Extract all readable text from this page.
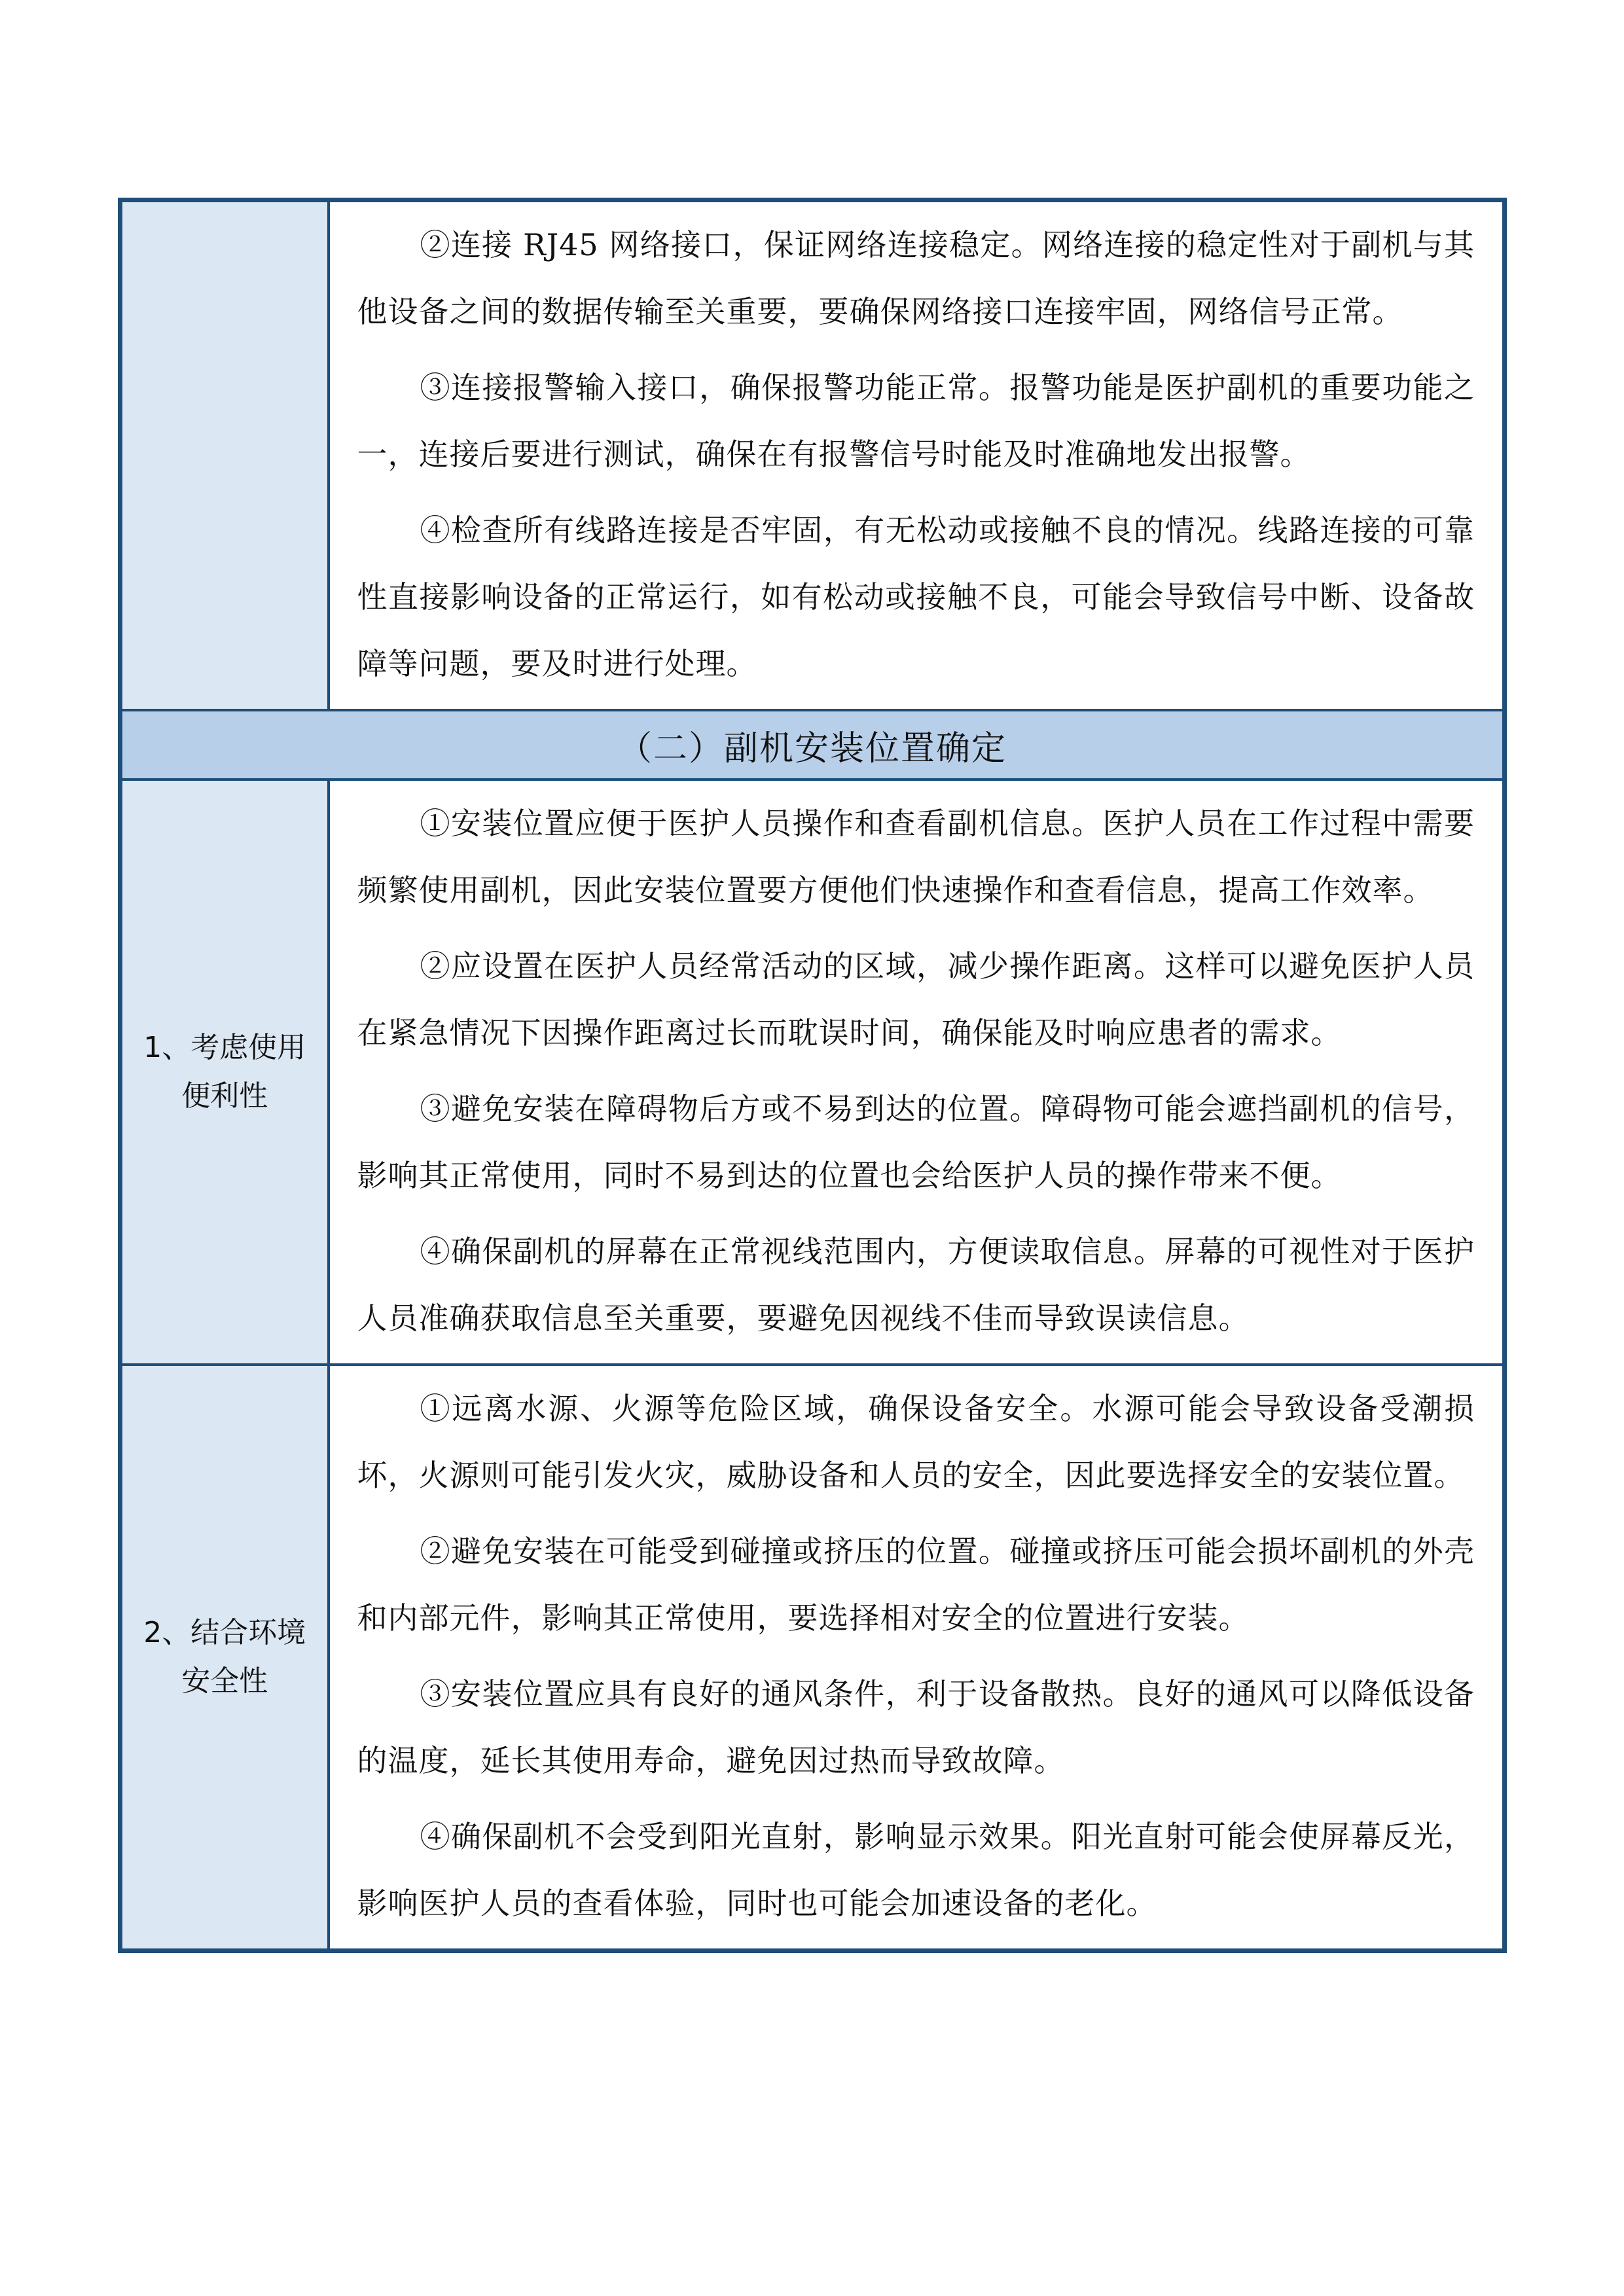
	②连接 RJ45 网络接口，保证网络连接稳定。网络连接的稳定性对于副机与其他设备之间的数据传输至关重要，要确保网络接口连接牢固，网络信号正常。

③连接报警输入接口，确保报警功能正常。报警功能是医护副机的重要功能之一，连接后要进行测试，确保在有报警信号时能及时准确地发出报警。

④检查所有线路连接是否牢固，有无松动或接触不良的情况。线路连接的可靠性直接影响设备的正常运行，如有松动或接触不良，可能会导致信号中断、设备故障等问题，要及时进行处理。

（二）副机安装位置确定	
1、考虑使用便利性	①安装位置应便于医护人员操作和查看副机信息。医护人员在工作过程中需要频繁使用副机，因此安装位置要方便他们快速操作和查看信息，提高工作效率。

②应设置在医护人员经常活动的区域，减少操作距离。这样可以避免医护人员在紧急情况下因操作距离过长而耽误时间，确保能及时响应患者的需求。

③避免安装在障碍物后方或不易到达的位置。障碍物可能会遮挡副机的信号，影响其正常使用，同时不易到达的位置也会给医护人员的操作带来不便。

④确保副机的屏幕在正常视线范围内，方便读取信息。屏幕的可视性对于医护人员准确获取信息至关重要，要避免因视线不佳而导致误读信息。

2、结合环境安全性	①远离水源、火源等危险区域，确保设备安全。水源可能会导致设备受潮损坏，火源则可能引发火灾，威胁设备和人员的安全，因此要选择安全的安装位置。

②避免安装在可能受到碰撞或挤压的位置。碰撞或挤压可能会损坏副机的外壳和内部元件，影响其正常使用，要选择相对安全的位置进行安装。

③安装位置应具有良好的通风条件，利于设备散热。良好的通风可以降低设备的温度，延长其使用寿命，避免因过热而导致故障。

④确保副机不会受到阳光直射，影响显示效果。阳光直射可能会使屏幕反光，影响医护人员的查看体验，同时也可能会加速设备的老化。
